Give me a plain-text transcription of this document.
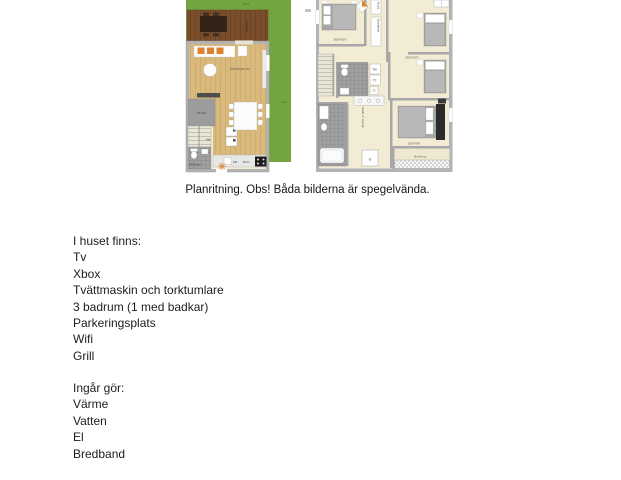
Häck
Tomt
Uteplats
Vardagsrum
Förråd
WC/Dusch
Kök
DM	Micro
Sovrum
Gard.
Garderob
Sovrum
TM
TT
Walk in closet
G
Sovrum
Balkong
Planritning. Obs! Båda bilderna är spegelvända.
I huset finns:
Tv
Xbox
Tvättmaskin och torktumlare
3 badrum (1 med badkar)
Parkeringsplats
Wifi
Grill
Ingår gör:
Värme
Vatten
El
Bredband
